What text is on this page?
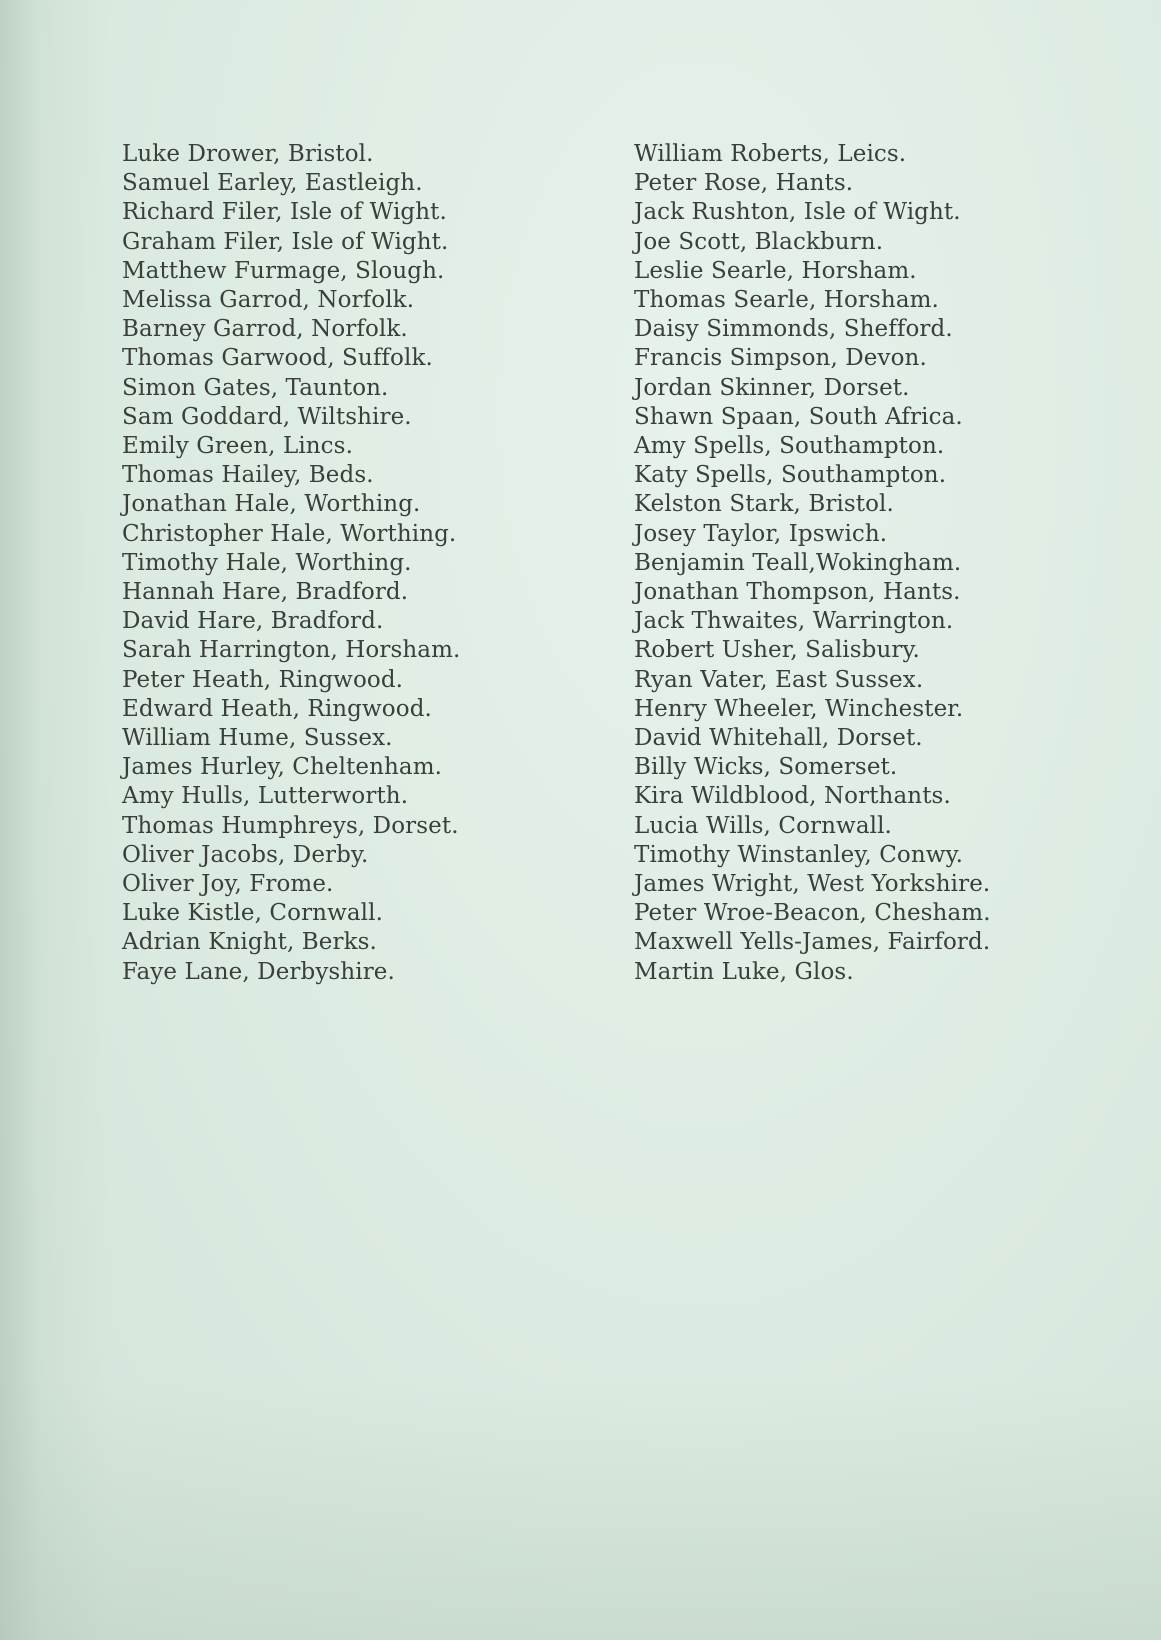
Luke Drower, Bristol.
Samuel Earley, Eastleigh.
Richard Filer, Isle of Wight.
Graham Filer, Isle of Wight.
Matthew Furmage, Slough.
Melissa Garrod, Norfolk.
Barney Garrod, Norfolk.
Thomas Garwood, Suffolk.
Simon Gates, Taunton.
Sam Goddard, Wiltshire.
Emily Green, Lincs.
Thomas Hailey, Beds.
Jonathan Hale, Worthing.
Christopher Hale, Worthing.
Timothy Hale, Worthing.
Hannah Hare, Bradford.
David Hare, Bradford.
Sarah Harrington, Horsham.
Peter Heath, Ringwood.
Edward Heath, Ringwood.
William Hume, Sussex.
James Hurley, Cheltenham.
Amy Hulls, Lutterworth.
Thomas Humphreys, Dorset.
Oliver Jacobs, Derby.
Oliver Joy, Frome.
Luke Kistle, Cornwall.
Adrian Knight, Berks.
Faye Lane, Derbyshire.
William Roberts, Leics.
Peter Rose, Hants.
Jack Rushton, Isle of Wight.
Joe Scott, Blackburn.
Leslie Searle, Horsham.
Thomas Searle, Horsham.
Daisy Simmonds, Shefford.
Francis Simpson, Devon.
Jordan Skinner, Dorset.
Shawn Spaan, South Africa.
Amy Spells, Southampton.
Katy Spells, Southampton.
Kelston Stark, Bristol.
Josey Taylor, Ipswich.
Benjamin Teall,Wokingham.
Jonathan Thompson, Hants.
Jack Thwaites, Warrington.
Robert Usher, Salisbury.
Ryan Vater, East Sussex.
Henry Wheeler, Winchester.
David Whitehall, Dorset.
Billy Wicks, Somerset.
Kira Wildblood, Northants.
Lucia Wills, Cornwall.
Timothy Winstanley, Conwy.
James Wright, West Yorkshire.
Peter Wroe-Beacon, Chesham.
Maxwell Yells-James, Fairford.
Martin Luke, Glos.
